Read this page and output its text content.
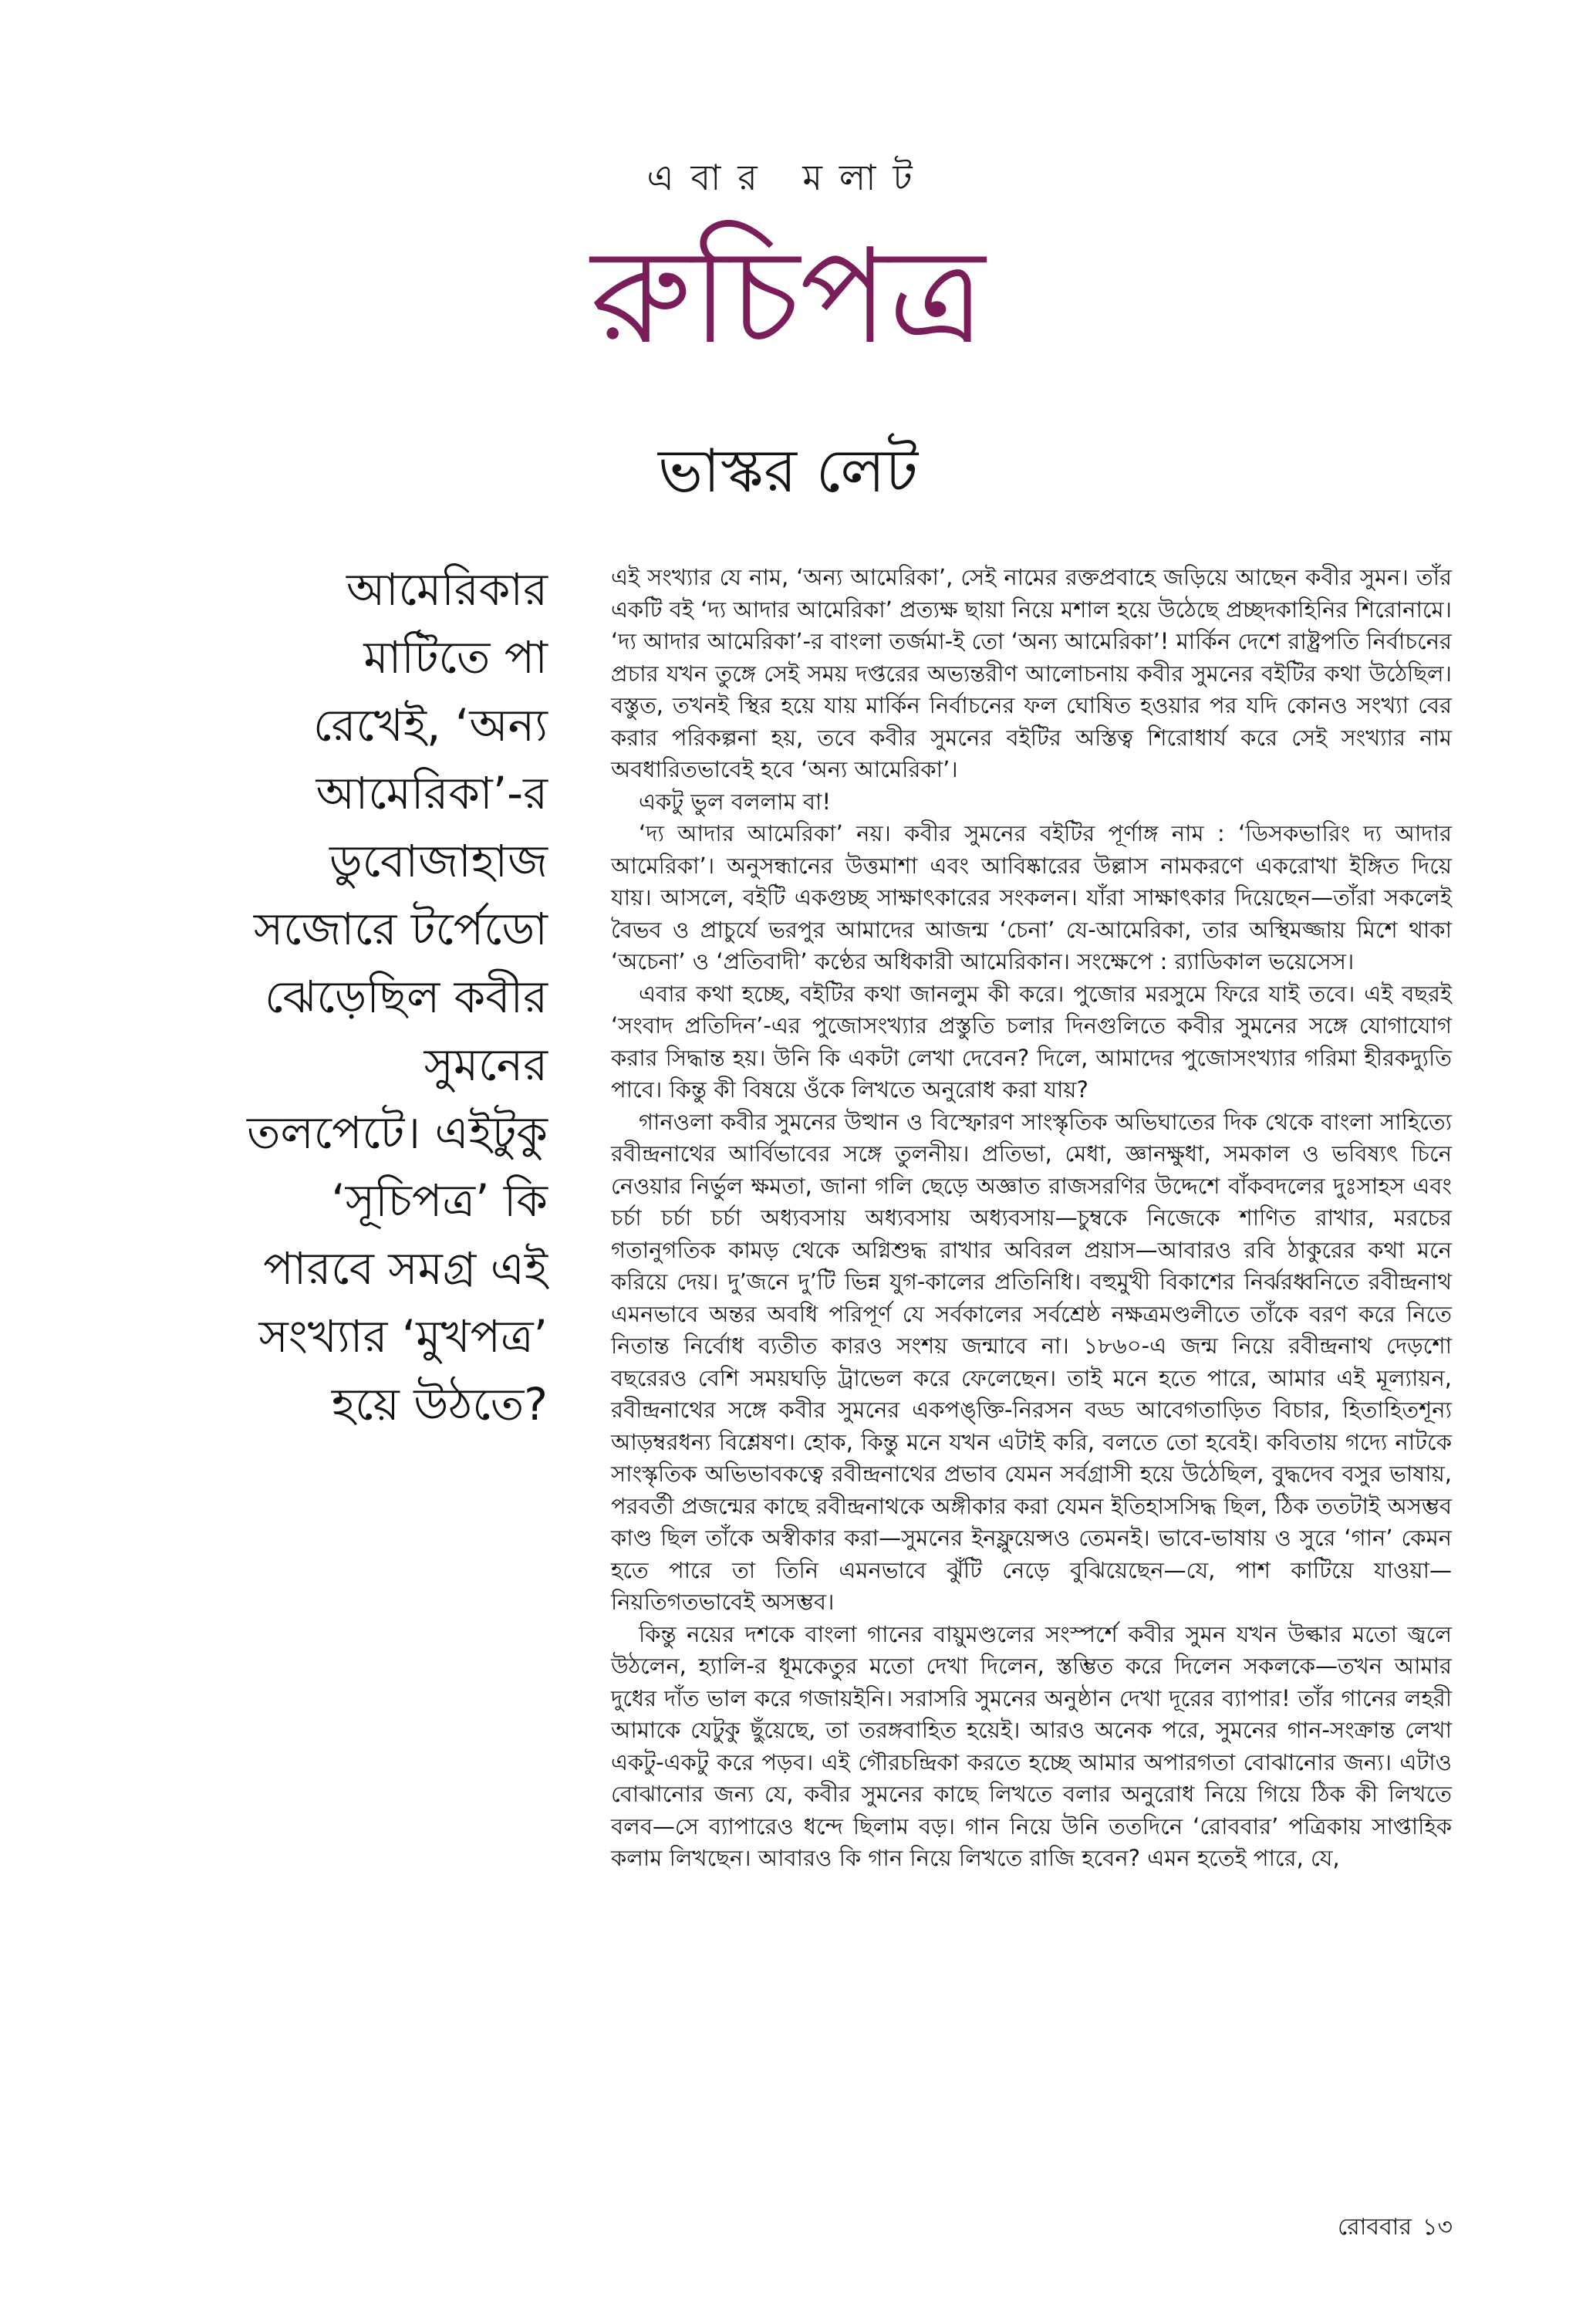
এবার মলাট
রুচিপত্র
ভাস্কর লেট
আমেরিকার
মাটিতে পা
রেখেই, ‘অন্য
আমেরিকা’-র
ডুবোজাহাজ
সজোরে টর্পেডো
ঝেড়েছিল কবীর
সুমনের
তলপেটে। এইটুকু
‘সূচিপত্র’ কি
পারবে সমগ্র এই
সংখ্যার ‘মুখপত্র’
হয়ে উঠতে?

এই সংখ্যার যে নাম, ‘অন্য আমেরিকা’, সেই নামের রক্তপ্রবাহে জড়িয়ে আছেন কবীর সুমন। তাঁর একটি বই ‘দ্য আদার আমেরিকা’ প্রত্যক্ষ ছায়া নিয়ে মশাল হয়ে উঠেছে প্রচ্ছদকাহিনির শিরোনামে। ‘দ্য আদার আমেরিকা’-র বাংলা তর্জমা-ই তো ‘অন্য আমেরিকা’! মার্কিন দেশে রাষ্ট্রপতি নির্বাচনের প্রচার যখন তুঙ্গে সেই সময় দপ্তরের অভ্যন্তরীণ আলোচনায় কবীর সুমনের বইটির কথা উঠেছিল। বস্তুত, তখনই স্থির হয়ে যায় মার্কিন নির্বাচনের ফল ঘোষিত হওয়ার পর যদি কোনও সংখ্যা বের করার পরিকল্পনা হয়, তবে কবীর সুমনের বইটির অস্তিত্ব শিরোধার্য করে সেই সংখ্যার নাম অবধারিতভাবেই হবে ‘অন্য আমেরিকা’।

একটু ভুল বললাম বা!

‘দ্য আদার আমেরিকা’ নয়। কবীর সুমনের বইটির পূর্ণাঙ্গ নাম : ‘ডিসকভারিং দ্য আদার আমেরিকা’। অনুসন্ধানের উত্তমাশা এবং আবিষ্কারের উল্লাস নামকরণে একরোখা ইঙ্গিত দিয়ে যায়। আসলে, বইটি একগুচ্ছ সাক্ষাৎকারের সংকলন। যাঁরা সাক্ষাৎকার দিয়েছেন—তাঁরা সকলেই বৈভব ও প্রাচুর্যে ভরপুর আমাদের আজন্ম ‘চেনা’ যে-আমেরিকা, তার অস্থিমজ্জায় মিশে থাকা ‘অচেনা’ ও ‘প্রতিবাদী’ কণ্ঠের অধিকারী আমেরিকান। সংক্ষেপে : র‍্যাডিকাল ভয়েসেস।

এবার কথা হচ্ছে, বইটির কথা জানলুম কী করে। পুজোর মরসুমে ফিরে যাই তবে। এই বছরই ‘সংবাদ প্রতিদিন’-এর পুজোসংখ্যার প্রস্তুতি চলার দিনগুলিতে কবীর সুমনের সঙ্গে যোগাযোগ করার সিদ্ধান্ত হয়। উনি কি একটা লেখা দেবেন? দিলে, আমাদের পুজোসংখ্যার গরিমা হীরকদ্যুতি পাবে। কিন্তু কী বিষয়ে ওঁকে লিখতে অনুরোধ করা যায়?

গানওলা কবীর সুমনের উত্থান ও বিস্ফোরণ সাংস্কৃতিক অভিঘাতের দিক থেকে বাংলা সাহিত্যে রবীন্দ্রনাথের আর্বিভাবের সঙ্গে তুলনীয়। প্রতিভা, মেধা, জ্ঞানক্ষুধা, সমকাল ও ভবিষ্যৎ চিনে নেওয়ার নির্ভুল ক্ষমতা, জানা গলি ছেড়ে অজ্ঞাত রাজসরণির উদ্দেশে বাঁকবদলের দুঃসাহস এবং চর্চা চর্চা চর্চা অধ্যবসায় অধ্যবসায় অধ্যবসায়—চুম্বকে নিজেকে শাণিত রাখার, মরচের গতানুগতিক কামড় থেকে অগ্নিশুদ্ধ রাখার অবিরল প্রয়াস—আবারও রবি ঠাকুরের কথা মনে করিয়ে দেয়। দু’জনে দু’টি ভিন্ন যুগ-কালের প্রতিনিধি। বহুমুখী বিকাশের নির্ঝরধ্বনিতে রবীন্দ্রনাথ এমনভাবে অন্তর অবধি পরিপূর্ণ যে সর্বকালের সর্বশ্রেষ্ঠ নক্ষত্রমণ্ডলীতে তাঁকে বরণ করে নিতে নিতান্ত নির্বোধ ব্যতীত কারও সংশয় জন্মাবে না। ১৮৬০-এ জন্ম নিয়ে রবীন্দ্রনাথ দেড়শো বছরেরও বেশি সময়ঘড়ি ট্রাভেল করে ফেলেছেন। তাই মনে হতে পারে, আমার এই মূল্যায়ন, রবীন্দ্রনাথের সঙ্গে কবীর সুমনের একপঙ্‌ক্তি-নিরসন বড্ড আবেগতাড়িত বিচার, হিতাহিতশূন্য আড়ম্বরধন্য বিশ্লেষণ। হোক, কিন্তু মনে যখন এটাই করি, বলতে তো হবেই। কবিতায় গদ্যে নাটকে সাংস্কৃতিক অভিভাবকত্বে রবীন্দ্রনাথের প্রভাব যেমন সর্বগ্রাসী হয়ে উঠেছিল, বুদ্ধদেব বসুর ভাষায়, পরবর্তী প্রজন্মের কাছে রবীন্দ্রনাথকে অঙ্গীকার করা যেমন ইতিহাসসিদ্ধ ছিল, ঠিক ততটাই অসম্ভব কাণ্ড ছিল তাঁকে অস্বীকার করা—সুমনের ইনফ্লুয়েন্সও তেমনই। ভাবে-ভাষায় ও সুরে ‘গান’ কেমন হতে পারে তা তিনি এমনভাবে ঝুঁটি নেড়ে বুঝিয়েছেন—যে, পাশ কাটিয়ে যাওয়া—নিয়তিগতভাবেই অসম্ভব।

কিন্তু নয়ের দশকে বাংলা গানের বায়ুমণ্ডলের সংস্পর্শে কবীর সুমন যখন উল্কার মতো জ্বলে উঠলেন, হ্যালি-র ধূমকেতুর মতো দেখা দিলেন, স্তম্ভিত করে দিলেন সকলকে—তখন আমার দুধের দাঁত ভাল করে গজায়ইনি। সরাসরি সুমনের অনুষ্ঠান দেখা দূরের ব্যাপার! তাঁর গানের লহরী আমাকে যেটুকু ছুঁয়েছে, তা তরঙ্গবাহিত হয়েই। আরও অনেক পরে, সুমনের গান-সংক্রান্ত লেখা একটু-একটু করে পড়ব। এই গৌরচন্দ্রিকা করতে হচ্ছে আমার অপারগতা বোঝানোর জন্য। এটাও বোঝানোর জন্য যে, কবীর সুমনের কাছে লিখতে বলার অনুরোধ নিয়ে গিয়ে ঠিক কী লিখতে বলব—সে ব্যাপারেও ধন্দে ছিলাম বড়। গান নিয়ে উনি ততদিনে ‘রোববার’ পত্রিকায় সাপ্তাহিক কলাম লিখছেন। আবারও কি গান নিয়ে লিখতে রাজি হবেন? এমন হতেই পারে, যে,

রোববার ১৩
